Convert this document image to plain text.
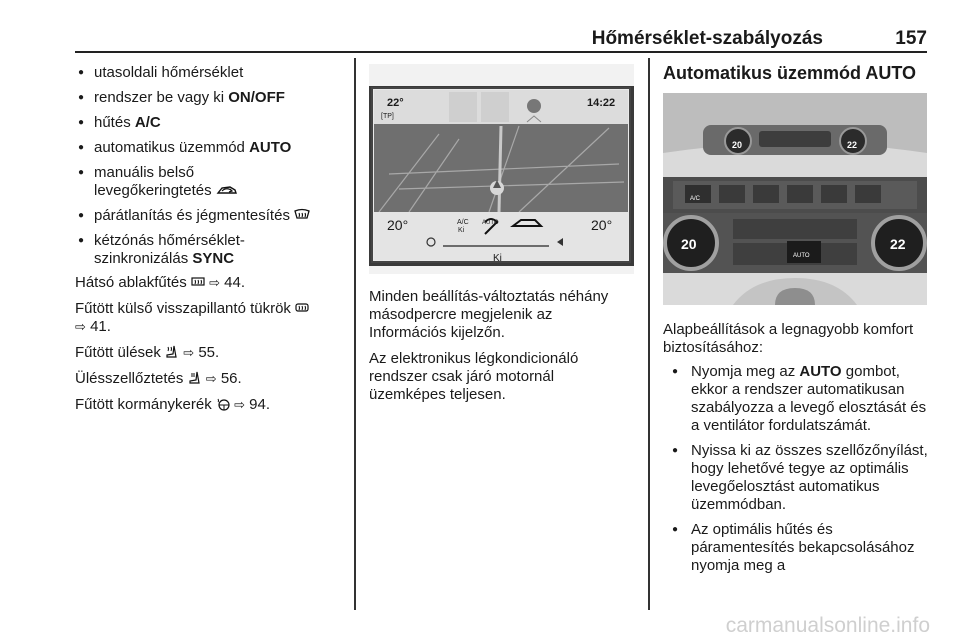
Hőmérséklet-szabályozás	157
● utasoldali hőmérséklet
● rendszer be vagy ki ON/OFF
● hűtés A/C
● automatikus üzemmód AUTO
● manuális belső
levegőkeringtetés
● párátlanítás és jégmentesítés
● kétzónás hőmérséklet-
szinkronizálás SYNC
Hátsó ablakfűtés ⇨ 44.
Fűtött külső visszapillantó tükrök
⇨ 41.
Fűtött ülések ⇨ 55.
Ülésszellőztetés ⇨ 56.
Fűtött kormánykerék ⇨ 94.
22°
[TP]
14:22
20°	20°
A/C
Ki
AUTO
Ki
Minden beállítás-változtatás néhány másodpercre megjelenik az Információs kijelzőn.
Az elektronikus légkondicionáló rendszer csak járó motornál üzemképes teljesen.
Automatikus üzemmód AUTO
20	22
20	22
AUTO
A/C
Alapbeállítások a legnagyobb komfort biztosításához:
● Nyomja meg az AUTO gombot, ekkor a rendszer automatikusan szabályozza a levegő elosztását és a ventilátor fordulatszámát.
● Nyissa ki az összes szellőzőnyílást, hogy lehetővé tegye az optimális levegőelosztást automatikus üzemmódban.
● Az optimális hűtés és páramentesítés bekapcsolásához nyomja meg a
carmanualsonline.info
